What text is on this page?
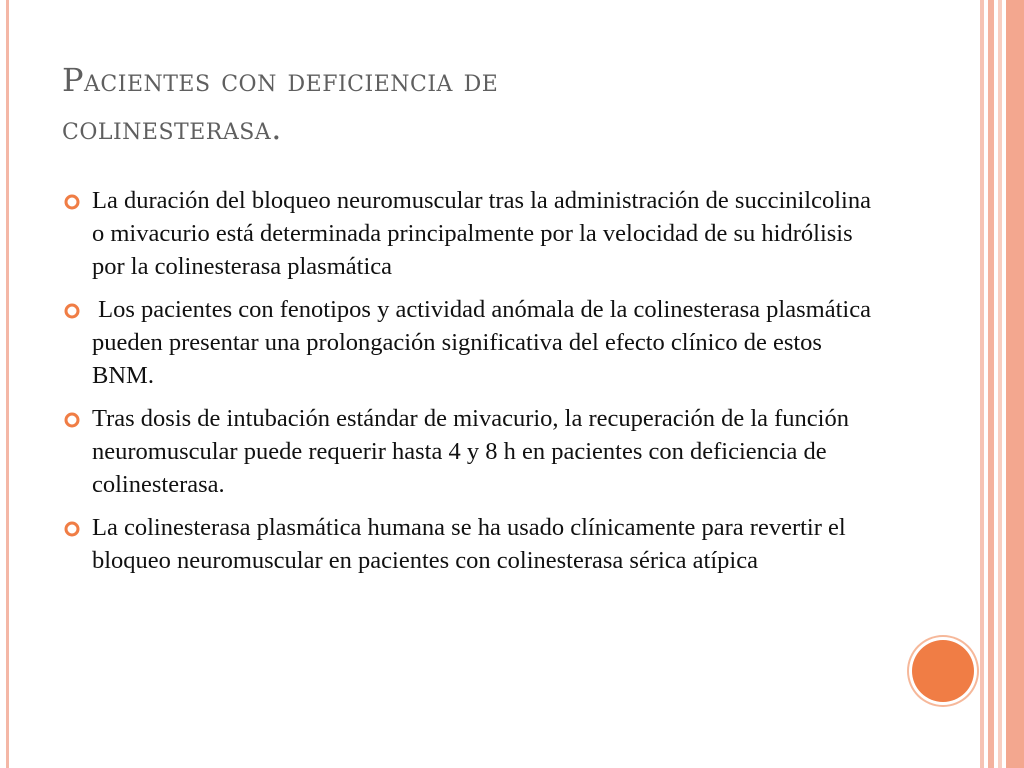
Pacientes con deficiencia de
colinesterasa.
La duración del bloqueo neuromuscular tras la administración de succinilcolina o mivacurio está determinada principalmente por la velocidad de su hidrólisis por la colinesterasa plasmática
Los pacientes con fenotipos y actividad anómala de la colinesterasa plasmática pueden presentar una prolongación significativa del efecto clínico de estos BNM.
Tras dosis de intubación estándar de mivacurio, la recuperación de la función neuromuscular puede requerir hasta 4 y 8 h en pacientes con deficiencia de colinesterasa.
La colinesterasa plasmática humana se ha usado clínicamente para revertir el bloqueo neuromuscular en pacientes con colinesterasa sérica atípica
